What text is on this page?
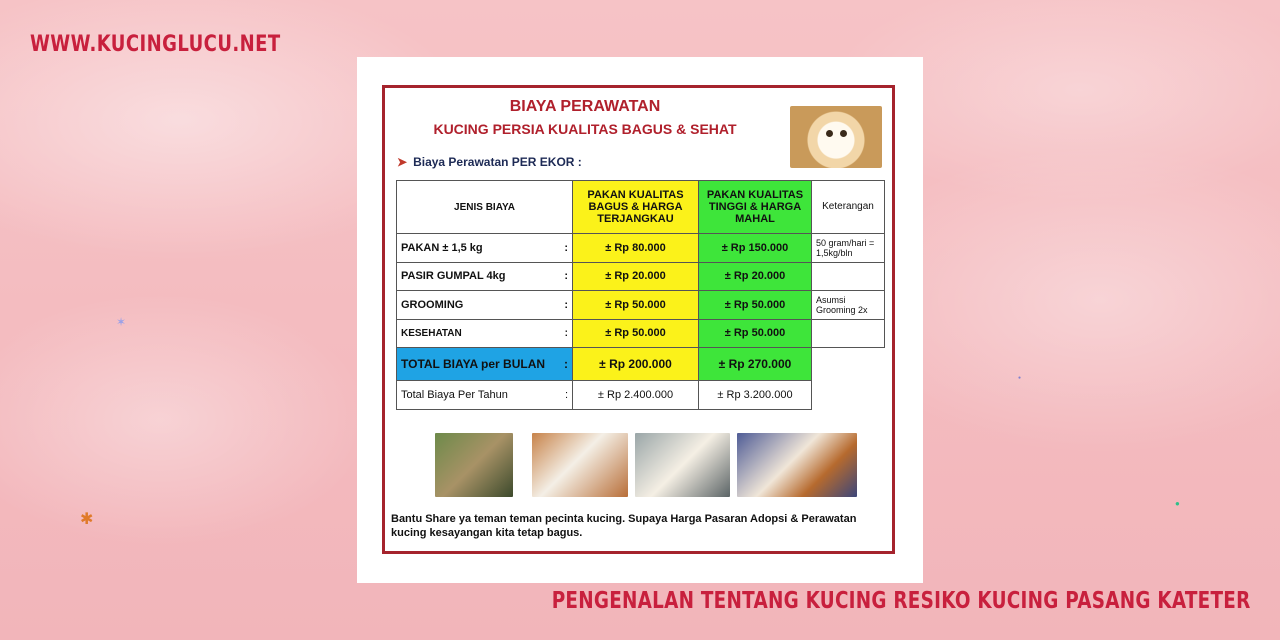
WWW.KUCINGLUCU.NET
✶
✱
●
●
BIAYA PERAWATAN
KUCING PERSIA KUALITAS BAGUS & SEHAT
➤ Biaya Perawatan PER EKOR :
JENIS BIAYA	PAKAN KUALITAS BAGUS & HARGA TERJANGKAU	PAKAN KUALITAS TINGGI & HARGA MAHAL	Keterangan
PAKAN ± 1,5 kg :	± Rp 80.000	± Rp 150.000	50 gram/hari = 1,5kg/bln
PASIR GUMPAL 4kg :	± Rp 20.000	± Rp 20.000	
GROOMING :	± Rp 50.000	± Rp 50.000	Asumsi Grooming 2x
KESEHATAN :	± Rp 50.000	± Rp 50.000	
TOTAL BIAYA per BULAN :	± Rp 200.000	± Rp 270.000	
Total Biaya Per Tahun :	± Rp 2.400.000	± Rp 3.200.000	
Bantu Share ya teman teman pecinta kucing. Supaya Harga Pasaran Adopsi & Perawatan kucing kesayangan kita tetap bagus.
PENGENALAN TENTANG KUCING RESIKO KUCING PASANG KATETER
